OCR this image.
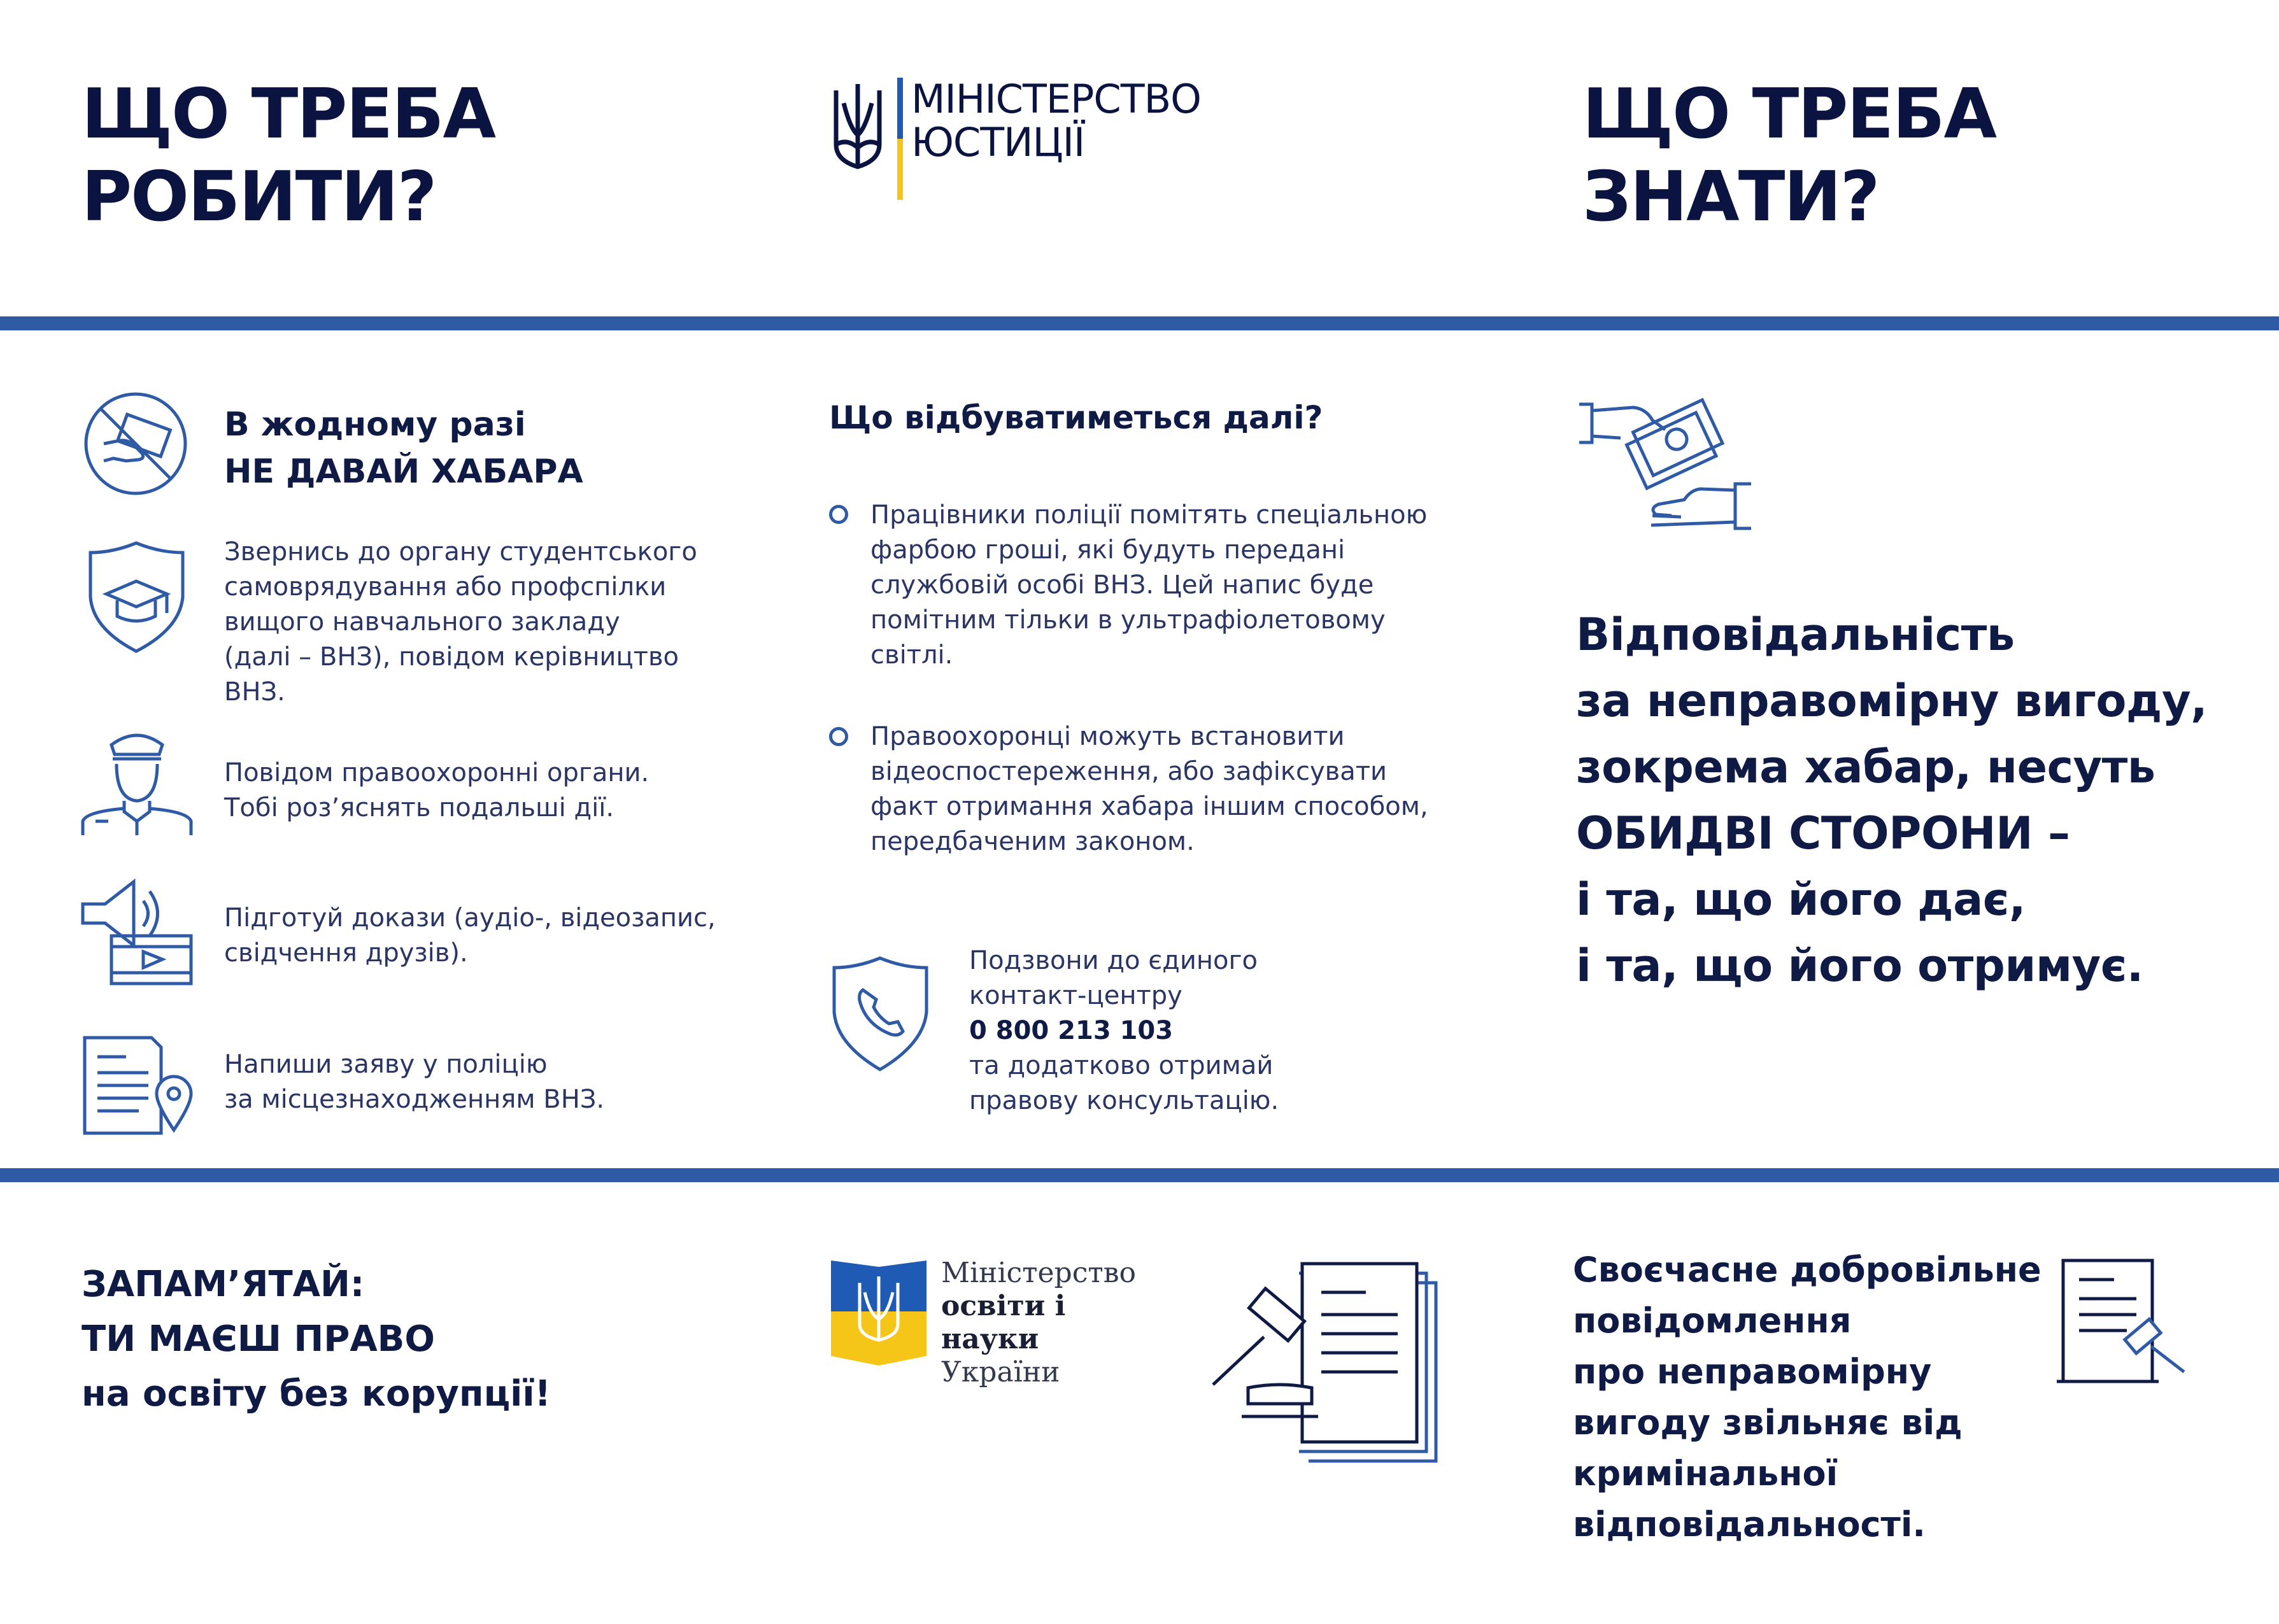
ЩО ТРЕБА
РОБИТИ?
МІНІСТЕРСТВО
ЮСТИЦІЇ	ЩО ТРЕБА
ЗНАТИ?
В жодному разі
НЕ ДАВАЙ ХАБАРА
Звернись до органу студентського
самоврядування або профспілки
вищого навчального закладу
(далі – ВНЗ), повідом керівництво
ВНЗ.
Повідом правоохоронні органи.
Тобі роз’яснять подальші дії.
Підготуй докази (аудіо-, відеозапис,
свідчення друзів).
Напиши заяву у поліцію
за місцезнаходженням ВНЗ.
Що відбуватиметься далі?
Працівники поліції помітять спеціальною
фарбою гроші, які будуть передані
службовій особі ВНЗ. Цей напис буде
помітним тільки в ультрафіолетовому
світлі.
Правоохоронці можуть встановити
відеоспостереження, або зафіксувати
факт отримання хабара іншим способом,
передбаченим законом.
Подзвони до єдиного
контакт-центру
0 800 213 103
та додатково отримай
правову консультацію.
Відповідальність
за неправомірну вигоду,
зокрема хабар, несуть
ОБИДВІ СТОРОНИ –
і та, що його дає,
і та, що його отримує.
ЗАПАМ’ЯТАЙ:
ТИ МАЄШ ПРАВО
на освіту без корупції!
Міністерство
освіти і науки
України
Своєчасне добровільне
повідомлення
про неправомірну
вигоду звільняє від
кримінальної
відповідальності.
